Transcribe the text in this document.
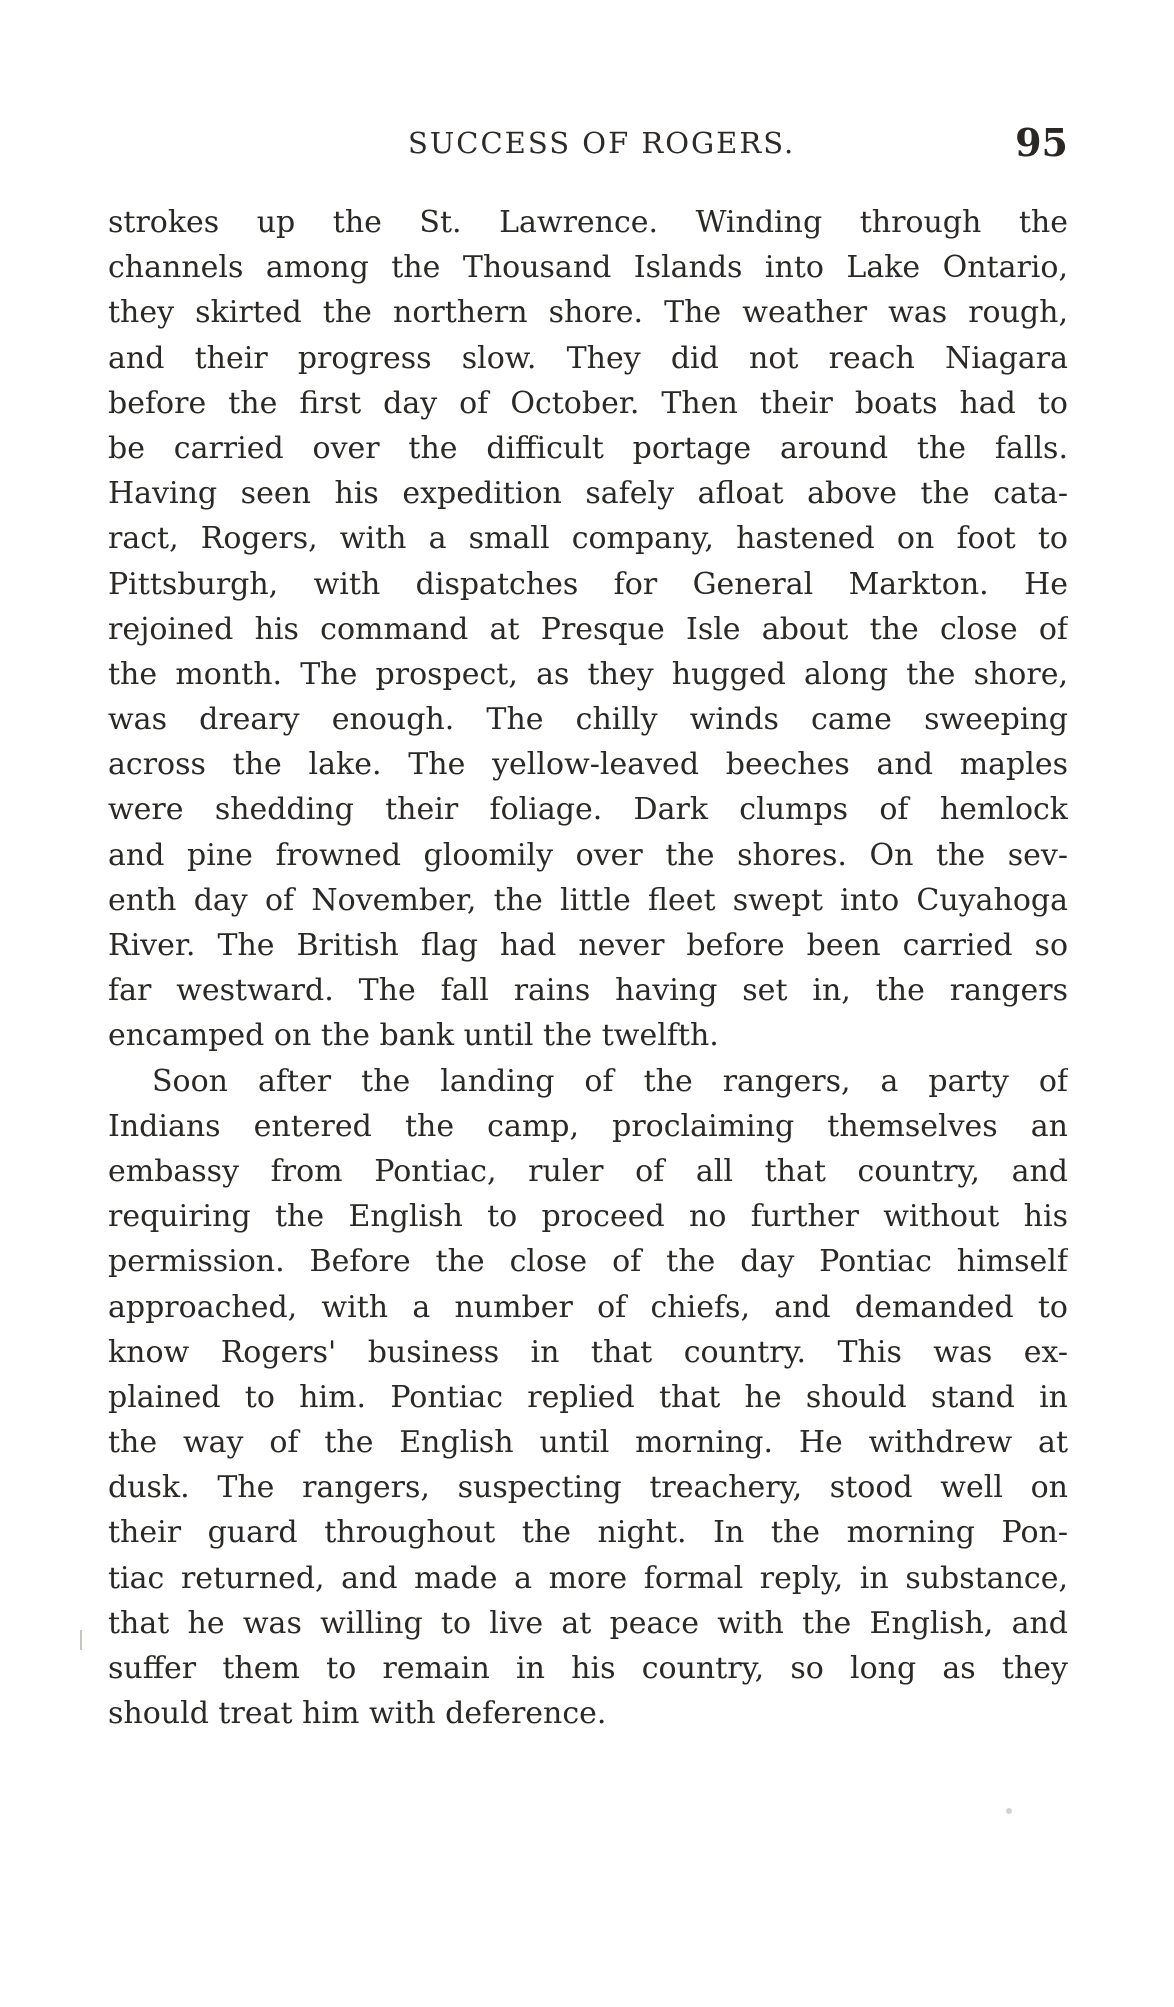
SUCCESS OF ROGERS.	95
strokes up the St. Lawrence. Winding through the
channels among the Thousand Islands into Lake Ontario,
they skirted the northern shore. The weather was rough,
and their progress slow. They did not reach Niagara
before the first day of October. Then their boats had to
be carried over the difficult portage around the falls.
Having seen his expedition safely afloat above the cata-
ract, Rogers, with a small company, hastened on foot to
Pittsburgh, with dispatches for General Markton. He
rejoined his command at Presque Isle about the close of
the month. The prospect, as they hugged along the shore,
was dreary enough. The chilly winds came sweeping
across the lake. The yellow-leaved beeches and maples
were shedding their foliage. Dark clumps of hemlock
and pine frowned gloomily over the shores. On the sev-
enth day of November, the little fleet swept into Cuyahoga
River. The British flag had never before been carried so
far westward. The fall rains having set in, the rangers
encamped on the bank until the twelfth.
Soon after the landing of the rangers, a party of
Indians entered the camp, proclaiming themselves an
embassy from Pontiac, ruler of all that country, and
requiring the English to proceed no further without his
permission. Before the close of the day Pontiac himself
approached, with a number of chiefs, and demanded to
know Rogers' business in that country. This was ex-
plained to him. Pontiac replied that he should stand in
the way of the English until morning. He withdrew at
dusk. The rangers, suspecting treachery, stood well on
their guard throughout the night. In the morning Pon-
tiac returned, and made a more formal reply, in substance,
that he was willing to live at peace with the English, and
suffer them to remain in his country, so long as they
should treat him with deference.
